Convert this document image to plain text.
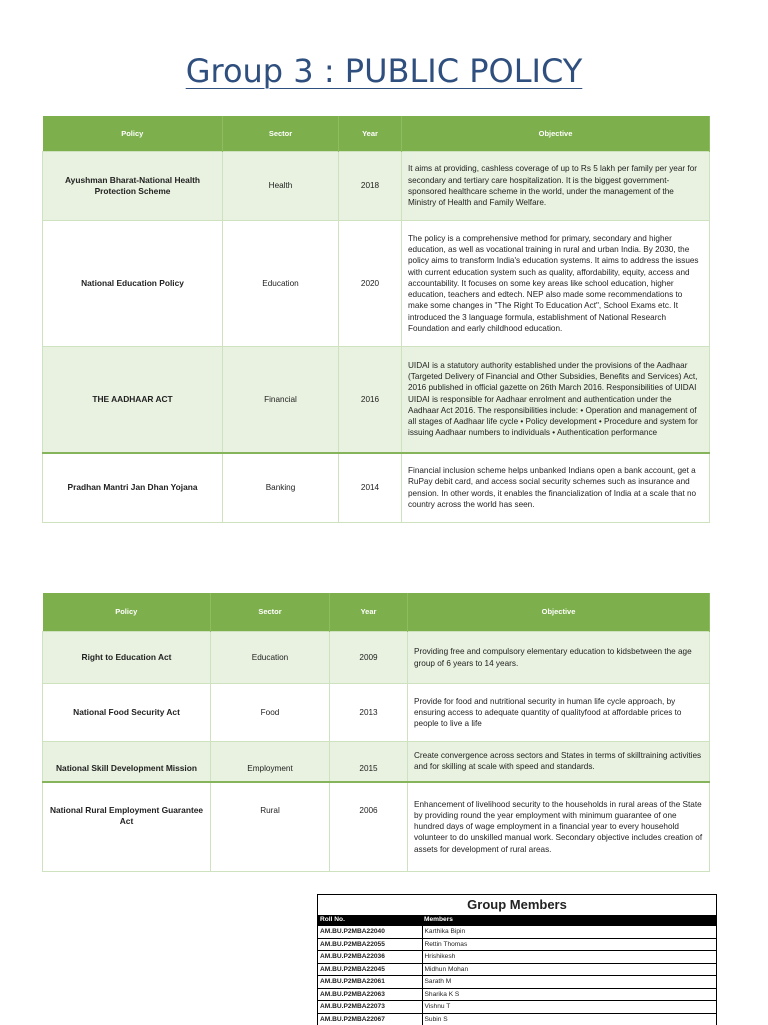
Group 3 : PUBLIC POLICY
Policy	Sector	Year	Objective
Ayushman Bharat-National Health Protection Scheme	Health	2018	It aims at providing, cashless coverage of up to Rs 5 lakh per family per year for secondary and tertiary care hospitalization. It is the biggest government-sponsored healthcare scheme in the world, under the management of the Ministry of Health and Family Welfare.
National Education Policy	Education	2020	The policy is a comprehensive method for primary, secondary and higher education, as well as vocational training in rural and urban India. By 2030, the policy aims to transform India's education systems. It aims to address the issues with current education system such as quality, affordability, equity, access and accountability. It focuses on some key areas like school education, higher education, teachers and edtech. NEP also made some recommendations to make some changes in "The Right To Education Act", School Exams etc. It introduced the 3 language formula, establishment of National Research Foundation and early childhood education.
THE AADHAAR ACT	Financial	2016	UIDAI is a statutory authority established under the provisions of the Aadhaar (Targeted Delivery of Financial and Other Subsidies, Benefits and Services) Act, 2016 published in official gazette on 26th March 2016. Responsibilities of UIDAI UIDAI is responsible for Aadhaar enrolment and authentication under the Aadhaar Act 2016. The responsibilities include: • Operation and management of all stages of Aadhaar life cycle • Policy development • Procedure and system for issuing Aadhaar numbers to individuals • Authentication performance
Pradhan Mantri Jan Dhan Yojana	Banking	2014	Financial inclusion scheme helps unbanked Indians open a bank account, get a RuPay debit card, and access social security schemes such as insurance and pension. In other words, it enables the financialization of India at a scale that no country across the world has seen.
Policy	Sector	Year	Objective
Right to Education Act	Education	2009	Providing free and compulsory elementary education to kidsbetween the age group of 6 years to 14 years.
National Food Security Act	Food	2013	Provide for food and nutritional security in human life cycle approach, by ensuring access to adequate quantity of qualityfood at affordable prices to people to live a life
National Skill Development Mission	Employment	2015	Create convergence across sectors and States in terms of skilltraining activities and for skilling at scale with speed and standards.
National Rural Employment Guarantee Act	Rural	2006	Enhancement of livelihood security to the households in rural areas of the State by providing round the year employment with minimum guarantee of one hundred days of wage employment in a financial year to every household volunteer to do unskilled manual work. Secondary objective includes creation of assets for development of rural areas.
Group Members
Roll No.	Members
AM.BU.P2MBA22040	Karthika Bipin
AM.BU.P2MBA22055	Rettin Thomas
AM.BU.P2MBA22036	Hrishikesh
AM.BU.P2MBA22045	Midhun Mohan
AM.BU.P2MBA22061	Sarath M
AM.BU.P2MBA22063	Sharika K S
AM.BU.P2MBA22073	Vishnu T
AM.BU.P2MBA22067	Subin S
